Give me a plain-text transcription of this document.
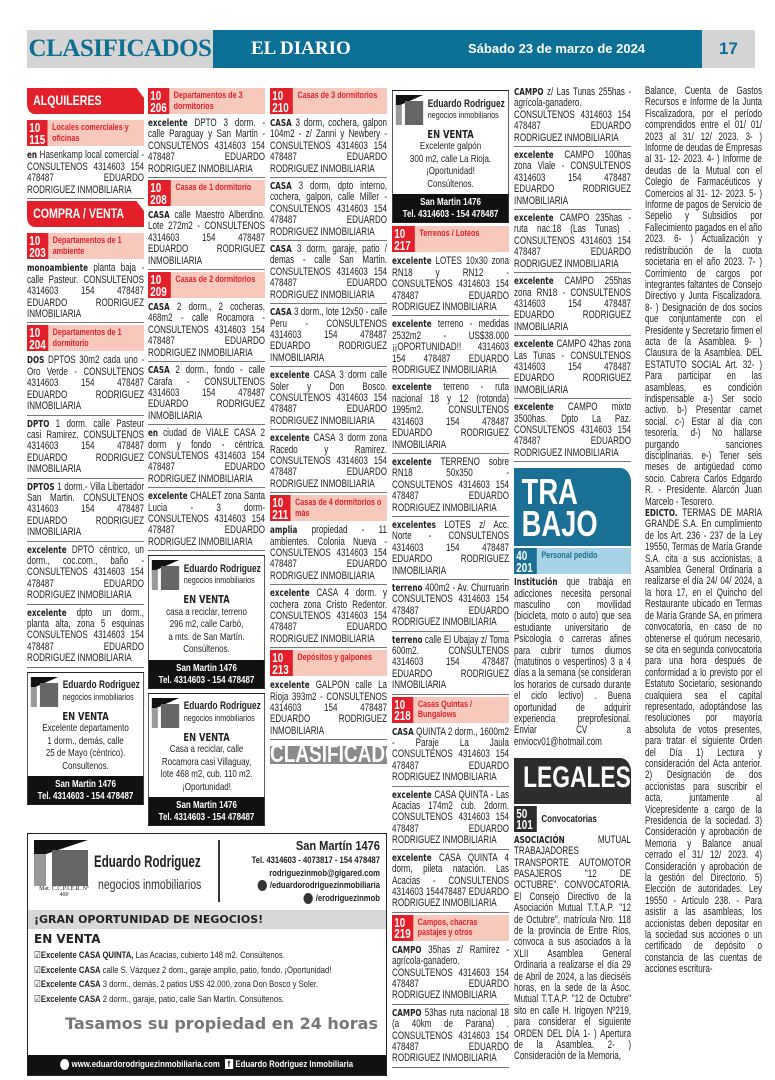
CLASIFICADOS EL DIARIO	Sábado 23 de marzo de 2024	17
ALQUILERES
10
115
Locales comerciales y oficinas
en Hasenkamp local comercial - CONSULTENOS 4314603 154 478487 EDUARDO RODRIGUEZ INMOBILIARIA
COMPRA / VENTA
10
203
Departamentos de 1 ambiente
monoambiente planta baja - calle Pasteur. CONSULTENOS 4314603 154 478487 EDUARDO RODRIGUEZ INMOBILIARIA
10
204
Departamentos de 1 dormitorio
DOS DPTOS 30m2 cada uno - Oro Verde - CONSULTENOS 4314603 154 478487 EDUARDO RODRIGUEZ INMOBILIARIA
DPTO 1 dorm. calle Pasteur casi Ramirez. CONSULTENOS 4314603 154 478487 EDUARDO RODRIGUEZ INMOBILIARIA
DPTOS 1 dorm.- Villa Libertador San Martin. CONSULTENOS 4314603 154 478487 EDUARDO RODRIGUEZ INMOBILIARIA
excelente DPTO céntrico, un dorm., coc.com., baño - CONSULTENOS 4314603 154 478487 EDUARDO RODRIGUEZ INMOBILIARIA
excelente dpto un dorm., planta alta, zona 5 esquinas CONSULTENOS 4314603 154 478487 EDUARDO RODRIGUEZ INMOBILIARIA
Eduardo Rodriguez
negocios inmobiliarios
EN VENTA
Excelente departamento
1 dorm., demás, calle
25 de Mayo (céntrico).
Consultenos.
San Martin 1476
Tel. 4314603 - 154 478487
10
206
Departamentos de 3 dormitorios
excelente DPTO 3 dorm. - calle Paraguay y San Martin - CONSULTENOS 4314603 154 478487 EDUARDO RODRIGUEZ INMOBILIARIA
10
208
Casas de 1 dormitorio
CASA calle Maestro Alberdino. Lote 272m2 - CONSULTENOS 4314603 154 478487 EDUARDO RODRIGUEZ INMOBILIARIA
10
209
Casas de 2 dormitorios
CASA 2 dorm., 2 cocheras, 468m2 - calle Rocamora - CONSULTENOS 4314603 154 478487 EDUARDO RODRIGUEZ INMOBILIARIA
CASA 2 dorm., fondo - calle Carafa - CONSULTENOS 4314603 154 478487 EDUARDO RODRIGUEZ INMOBILIARIA
en ciudad de VIALE CASA 2 dorm y fondo - céntrica. CONSULTENOS 4314603 154 478487 EDUARDO RODRIGUEZ INMOBILIARIA
excelente CHALET zona Santa Lucia - 3 dorm- CONSULTENOS 4314603 154 478487 EDUARDO RODRIGUEZ INMOBILIARIA
Eduardo Rodriguez
negocios inmobiliarios
EN VENTA
casa a reciclar, terreno
296 m2, calle Carbó,
a mts. de San Martín.
Consúltenos.
San Martin 1476
Tel. 4314603 - 154 478487
Eduardo Rodriguez
negocios inmobiliarios
EN VENTA
Casa a reciclar, calle
Rocamora casi Villaguay,
lote 468 m2, cub. 110 m2.
¡Oportunidad!
San Martin 1476
Tel. 4314603 - 154 478487
10
210
Casas de 3 dormitorios
CASA 3 dorm, cochera, galpon 104m2 - z/ Zanni y Newbery - CONSULTENOS 4314603 154 478487 EDUARDO RODRIGUEZ INMOBILIARIA
CASA 3 dorm, dpto interno, cochera, galpon, calle Miller - CONSULTENOS 4314603 154 478487 EDUARDO RODRIGUEZ INMOBILIARIA
CASA 3 dorm, garaje, patio / demas - calle San Martin. CONSULTENOS 4314603 154 478487 EDUARDO RODRIGUEZ INMOBILIARIA
CASA 3 dorm., lote 12x50 - calle Peru - CONSULTENOS 4314603 154 478487 EDUARDO RODRIGUEZ INMOBILIARIA
excelente CASA 3 dorm calle Soler y Don Bosco. CONSULTENOS 4314603 154 478487 EDUARDO RODRIGUEZ INMOBILIARIA
excelente CASA 3 dorm zona Racedo y Ramirez. CONSULTENOS 4314603 154 478487 EDUARDO RODRIGUEZ INMOBILIARIA
10
211
Casas de 4 dormitorios o más
amplia propiedad - 11 ambientes. Colonia Nueva - CONSULTENOS 4314603 154 478487 EDUARDO RODRIGUEZ INMOBILIARIA
excelente CASA 4 dorm. y cochera zona Cristo Redentor. CONSULTENOS 4314603 154 478487 EDUARDO RODRIGUEZ INMOBILIARIA
10
213
Depósitos y galpones
excelente GALPON calle La Rioja 393m2 - CONSULTENOS 4314603 154 478487 EDUARDO RODRIGUEZ INMOBILIARIA
CLASIFICADOS
Eduardo Rodriguez
negocios inmobiliarios
EN VENTA
Excelente galpón
300 m2, calle La Rioja.
¡Oportunidad!
Consúltenos.
San Martin 1476
Tel. 4314603 - 154 478487
10
217
Terrenos / Loteos
excelente LOTES 10x30 zona RN18 y RN12 - CONSULTENOS 4314603 154 478487 EDUARDO RODRIGUEZ INMOBILIARIA
excelente terreno - medidas 2532m2 - US$38.000 ¡¡OPORTUNIDAD!! 4314603 154 478487 EDUARDO RODRIGUEZ INMOBILIARIA
excelente terreno - ruta nacional 18 y 12 (rotonda) 1995m2. CONSULTENOS 4314603 154 478487 EDUARDO RODRIGUEZ INMOBILIARIA
excelente TERRENO sobre RN18 50x350 - CONSULTENOS 4314603 154 478487 EDUARDO RODRIGUEZ INMOBILIARIA
excelentes LOTES z/ Acc. Norte - CONSULTENOS 4314603 154 478487 EDUARDO RODRIGUEZ INMOBILIARIA
terreno 400m2 - Av. Churruarin CONSULTENOS 4314603 154 478487 EDUARDO RODRIGUEZ INMOBILIARIA
terreno calle El Ubajay z/ Toma 600m2. CONSULTENOS 4314603 154 478487 EDUARDO RODRIGUEZ INMOBILIARIA
10
218
Casas Quintas / Bungalows
CASA QUINTA 2 dorm., 1600m2 - Paraje La Jaula CONSULTENOS 4314603 154 478487 EDUARDO RODRIGUEZ INMOBILIARIA
excelente CASA QUINTA - Las Acacias 174m2 cub. 2dorm. CONSULTENOS 4314603 154 478487 EDUARDO RODRIGUEZ INMOBILIARIA
excelente CASA QUINTA 4 dorm, pileta natación. Las Acacias - CONSULTENOS 4314603 154478487 EDUARDO RODRIGUEZ INMOBILIARIA
10
219
Campos, chacras pastajes y otros
CAMPO 35has z/ Ramirez - agrícola-ganadero. CONSULTENOS 4314603 154 478487 EDUARDO RODRIGUEZ INMOBILIARIA
CAMPO 53has ruta nacional 18 (a 40km de Parana) . CONSULTENOS 4314603 154 478487 EDUARDO RODRIGUEZ INMOBILIARIA
CAMPO z/ Las Tunas 255has - agrícola-ganadero. CONSULTENOS 4314603 154 478487 EDUARDO RODRIGUEZ INMOBILIARIA
excelente CAMPO 100has zona Viale - CONSULTENOS 4314603 154 478487 EDUARDO RODRIGUEZ INMOBILIARIA
excelente CAMPO 235has - ruta nac.18 (Las Tunas) . CONSULTENOS 4314603 154 478487 EDUARDO RODRIGUEZ INMOBILIARIA
excelente CAMPO 255has zona RN18 - CONSULTENOS 4314603 154 478487 EDUARDO RODRIGUEZ INMOBILIARIA
excelente CAMPO 42has zona Las Tunas - CONSULTENOS 4314603 154 478487 EDUARDO RODRIGUEZ INMOBILIARIA
excelente CAMPO mixto 3500has. Dpto La Paz. CONSULTENOS 4314603 154 478487 EDUARDO RODRIGUEZ INMOBILIARIA
TRA
BAJO
40
201
Personal pedido
Institución que trabaja en adicciones necesita personal masculino con movilidad (bicicleta, moto o auto) que sea estudiante universitario de Psicología o carreras afines para cubrir turnos diurnos (matutinos o vespertinos) 3 a 4 días a la semana (se consideran los horarios de cursado durante el ciclo lectivo) . Buena oportunidad de adquirir experiencia preprofesional. Enviar CV a enviocv01@hotmail.com
LEGALES
50
101 Convocatorias
ASOCIACIÓN	MUTUAL TRABAJADORES TRANSPORTE AUTOMOTOR PASAJEROS "12 DE OCTUBRE". CONVOCATORIA. El Consejo Directivo de la Asociación Mutual T.T.A.P. "12 de Octubre", matrícula Nro. 118 de la provincia de Entre Ríos, convoca a sus asociados a la XLII Asamblea General Ordinaria a realizarse el día 29 de Abril de 2024, a las dieciséis horas, en la sede de la Asoc. Mutual T.T.A.P. "12 de Octubre" sito en calle H. Irigoyen Nº219, para considerar el siguiente ORDEN DEL DÍA 1- ) Apertura de la Asamblea. 2- ) Consideración de la Memoria,
Balance, Cuenta de Gastos Recursos e Informe de la Junta Fiscalizadora, por el período comprendidos entre el 01/ 01/ 2023 al 31/ 12/ 2023. 3- ) Informe de deudas de Empresas al 31- 12- 2023. 4- ) Informe de deudas de la Mutual con el Colegio de Farmacéuticos y Comercios al 31- 12- 2023. 5- ) Informe de pagos de Servicio de Sepelio y Subsidios por Fallecimiento pagados en el año 2023. 6- ) Actualización y redistribución de la cuota societaria en el año 2023. 7- ) Corrimiento de cargos por integrantes faltantes de Consejo Directivo y Junta Fiscalizadora. 8- ) Designación de dos socios que conjuntamente con el Presidente y Secretario firmen el acta de la Asamblea. 9- ) Clausura de la Asamblea. DEL ESTATUTO SOCIAL Art. 32- ) Para participar en las asambleas, es condición indispensable a-) Ser socio activo. b-) Presentar carnet social. c-) Estar al día con tesorería. d-) No hallarse purgando sanciones disciplinarias. e-) Tener seis meses de antigüedad como socio. Cabrera Carlos Edgardo R. - Presidente. Alarcón Juan Marcelo - Tesorero.
EDICTO. TERMAS DE MARIA GRANDE S.A. En cumplimiento de los Art. 236 - 237 de la Ley 19550, Termas de María Grande S.A. cita a sus accionistas, a Asamblea General Ordinaria a realizarse el día 24/ 04/ 2024, a la hora 17, en el Quincho del Restaurante ubicado en Termas de María Grande SA, en primera convocatoria, en caso de no obtenerse el quórum necesario, se cita en segunda convocatoria para una hora después de conformidad a lo previsto por el Estatuto Societario, sesionando cualquiera sea el capital representado, adoptándose las resoluciones por mayoría absoluta de votos presentes, para tratar el siguiente Orden del Día 1) Lectura y consideración del Acta anterior. 2) Designación de dos accionistas para suscribir el acta, juntamente al Vicepresidente a cargo de la Presidencia de la sociedad. 3) Consideración y aprobación de Memoria y Balance anual cerrado el 31/ 12/ 2023. 4) Consideración y aprobación de la gestión del Directorio. 5) Elección de autoridades. Ley 19550 - Artículo 238. - Para asistir a las asambleas, los accionistas deben depositar en la sociedad sus acciones o un certificado de depósito o constancia de las cuentas de acciones escritura-
Mat. C.C.P.I.E.R. Nº 400
Eduardo Rodriguez
negocios inmobiliarios
San Martín 1476
Tel. 4314603 - 4073817 - 154 478487
rodriguezinmob@gigared.com
/eduardorodriguezinmobiliaria
/erodriguezinmob
¡GRAN OPORTUNIDAD DE NEGOCIOS!
EN VENTA
☑ Excelente CASA QUINTA, Las Acacias, cubierto 148 m2. Consúltenos.
☑ Excelente CASA calle S. Vázquez 2 dom., garaje amplio, patio, fondo. ¡Oportunidad!
☑ Excelente CASA 3 dorm., demás, 2 patios U$S 42.000, zona Don Bosco y Soler.
☑ Excelente CASA 2 dorm., garaje, patio, calle San Martín. Consúltenos.
Tasamos su propiedad en 24 horas
www.eduardorodriguezinmobiliaria.com f Eduardo Rodriguez Inmobiliaria
